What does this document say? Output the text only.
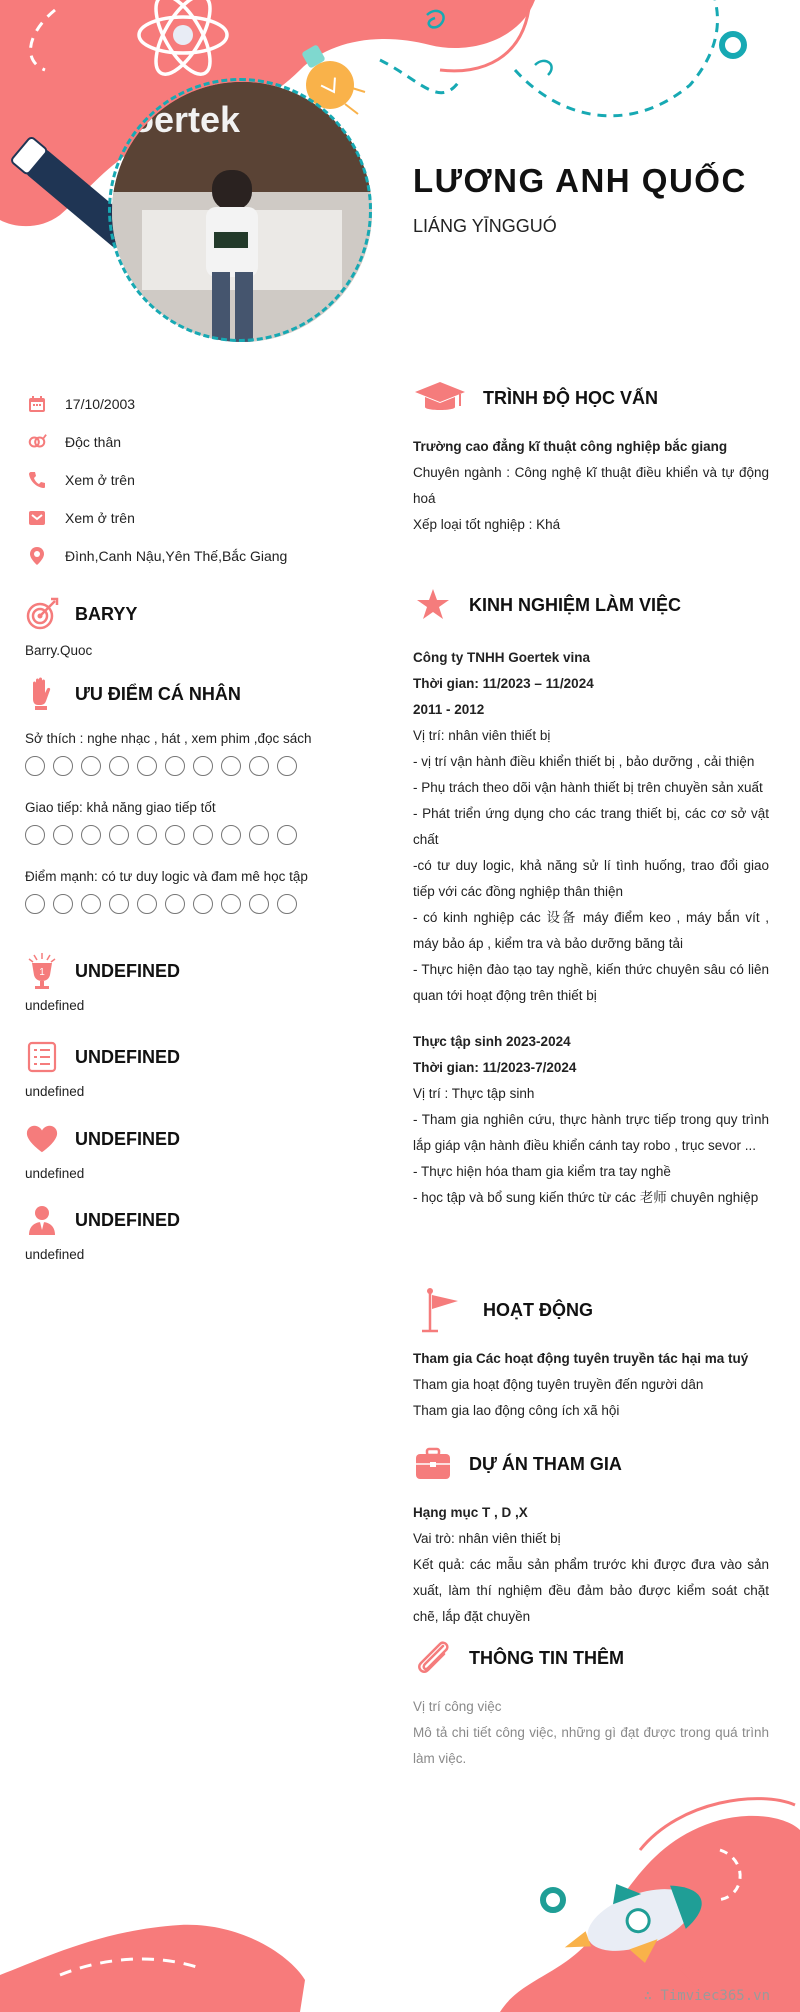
oertek
LƯƠNG ANH QUỐC
LIÁNG YĪNGGUÓ
17/10/2003
Độc thân
Xem ở trên
Xem ở trên
Đình,Canh Nậu,Yên Thế,Bắc Giang
BARYY
Barry.Quoc
ƯU ĐIỂM CÁ NHÂN
Sở thích : nghe nhạc , hát , xem phim ,đọc sách
Giao tiếp: khả năng giao tiếp tốt
Điểm mạnh: có tư duy logic và đam mê học tập
1 UNDEFINED
undefined
UNDEFINED
undefined
UNDEFINED
undefined
UNDEFINED
undefined
TRÌNH ĐỘ HỌC VẤN
Trường cao đẳng kĩ thuật công nghiệp bắc giang
Chuyên ngành : Công nghệ kĩ thuật điều khiển và tự động hoá
Xếp loại tốt nghiệp : Khá
KINH NGHIỆM LÀM VIỆC
Công ty TNHH Goertek vina
Thời gian: 11/2023 – 11/2024
2011 - 2012
Vị trí: nhân viên thiết bị
- vị trí vận hành điều khiển thiết bị , bảo dưỡng , cải thiện
- Phụ trách theo dõi vận hành thiết bị trên chuyền sản xuất
- Phát triển ứng dụng cho các trang thiết bị, các cơ sở vật chất
-có tư duy logic, khả năng sử lí tình huống, trao đổi giao tiếp với các đồng nghiệp thân thiện
- có kinh nghiệp các 设备 máy điểm keo , máy bắn vít , máy bảo áp , kiểm tra và bảo dưỡng băng tải
- Thực hiện đào tạo tay nghề, kiến thức chuyên sâu có liên quan tới hoạt động trên thiết bị
Thực tập sinh 2023-2024
Thời gian: 11/2023-7/2024
Vị trí : Thực tập sinh
- Tham gia nghiên cứu, thực hành trực tiếp trong quy trình lắp giáp vận hành điều khiển cánh tay robo , trục sevor ...
- Thực hiện hóa tham gia kiểm tra tay nghề
- học tập và bổ sung kiến thức từ các 老师 chuyên nghiệp
HOẠT ĐỘNG
Tham gia Các hoạt động tuyên truyền tác hại ma tuý
Tham gia hoạt động tuyên truyền đến người dân
Tham gia lao động công ích xã hội
DỰ ÁN THAM GIA
Hạng mục T , D ,X
Vai trò: nhân viên thiết bị
Kết quả: các mẫu sản phẩm trước khi được đưa vào sản xuất, làm thí nghiệm đều đảm bảo được kiểm soát chặt chẽ, lắp đặt chuyền
THÔNG TIN THÊM
Vị trí công việc
Mô tả chi tiết công việc, những gì đạt được trong quá trình làm việc.
∴ Timviec365.vn
